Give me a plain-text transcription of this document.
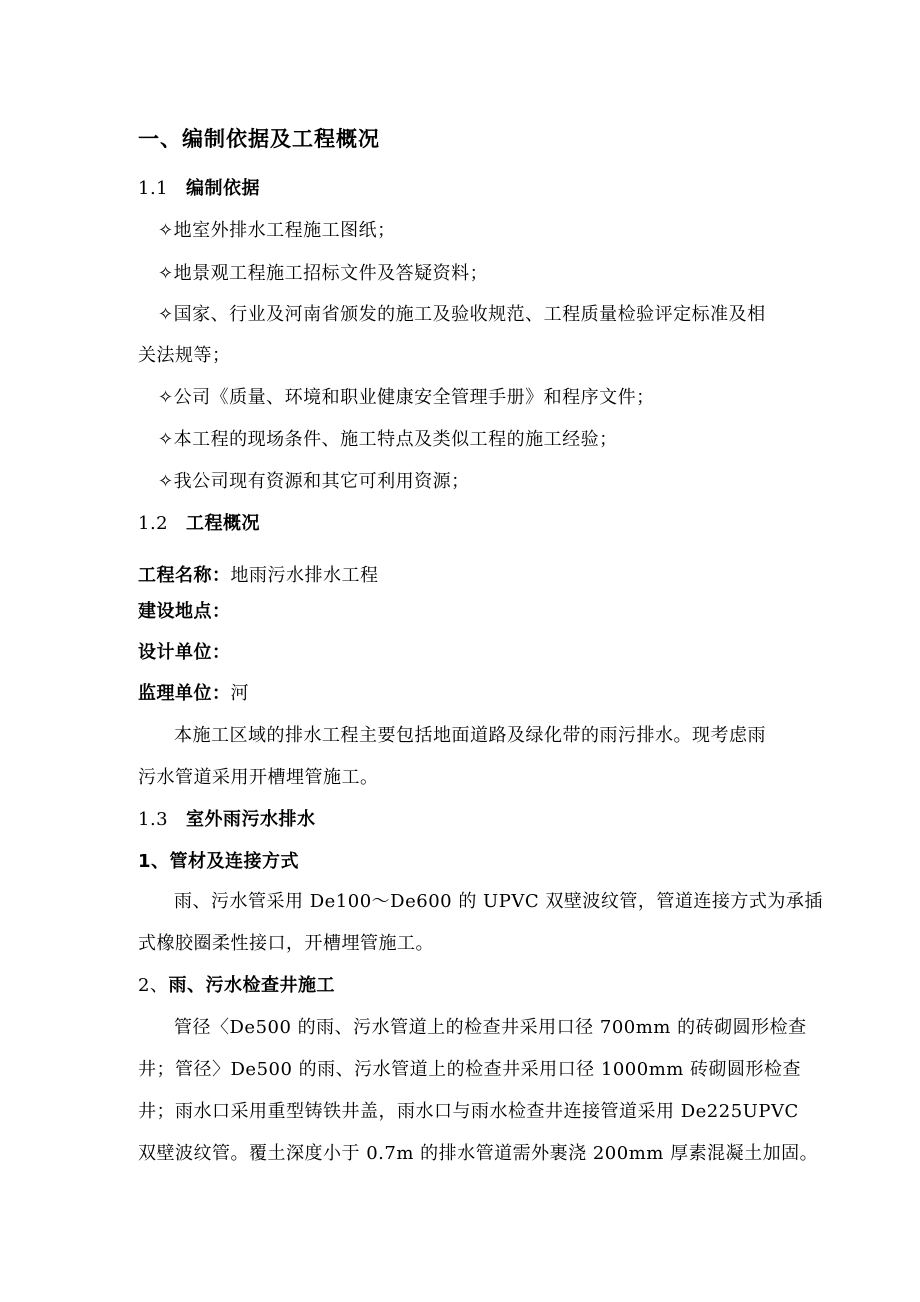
一、编制依据及工程概况
1.1 编制依据
✧地室外排水工程施工图纸；
✧地景观工程施工招标文件及答疑资料；
✧国家、行业及河南省颁发的施工及验收规范、工程质量检验评定标准及相
关法规等；
✧公司《质量、环境和职业健康安全管理手册》和程序文件；
✧本工程的现场条件、施工特点及类似工程的施工经验；
✧我公司现有资源和其它可利用资源；
1.2 工程概况
工程名称：地雨污水排水工程
建设地点：
设计单位：
监理单位：河
本施工区域的排水工程主要包括地面道路及绿化带的雨污排水。现考虑雨
污水管道采用开槽埋管施工。
1.3 室外雨污水排水
1、管材及连接方式
雨、污水管采用 De100～De600 的 UPVC 双壁波纹管，管道连接方式为承插
式橡胶圈柔性接口，开槽埋管施工。
2、雨、污水检查井施工
管径〈De500 的雨、污水管道上的检查井采用口径 700mm 的砖砌圆形检查
井；管径〉De500 的雨、污水管道上的检查井采用口径 1000mm 砖砌圆形检查
井；雨水口采用重型铸铁井盖，雨水口与雨水检查井连接管道采用 De225UPVC
双壁波纹管。覆土深度小于 0.7m 的排水管道需外裹浇 200mm 厚素混凝土加固。
